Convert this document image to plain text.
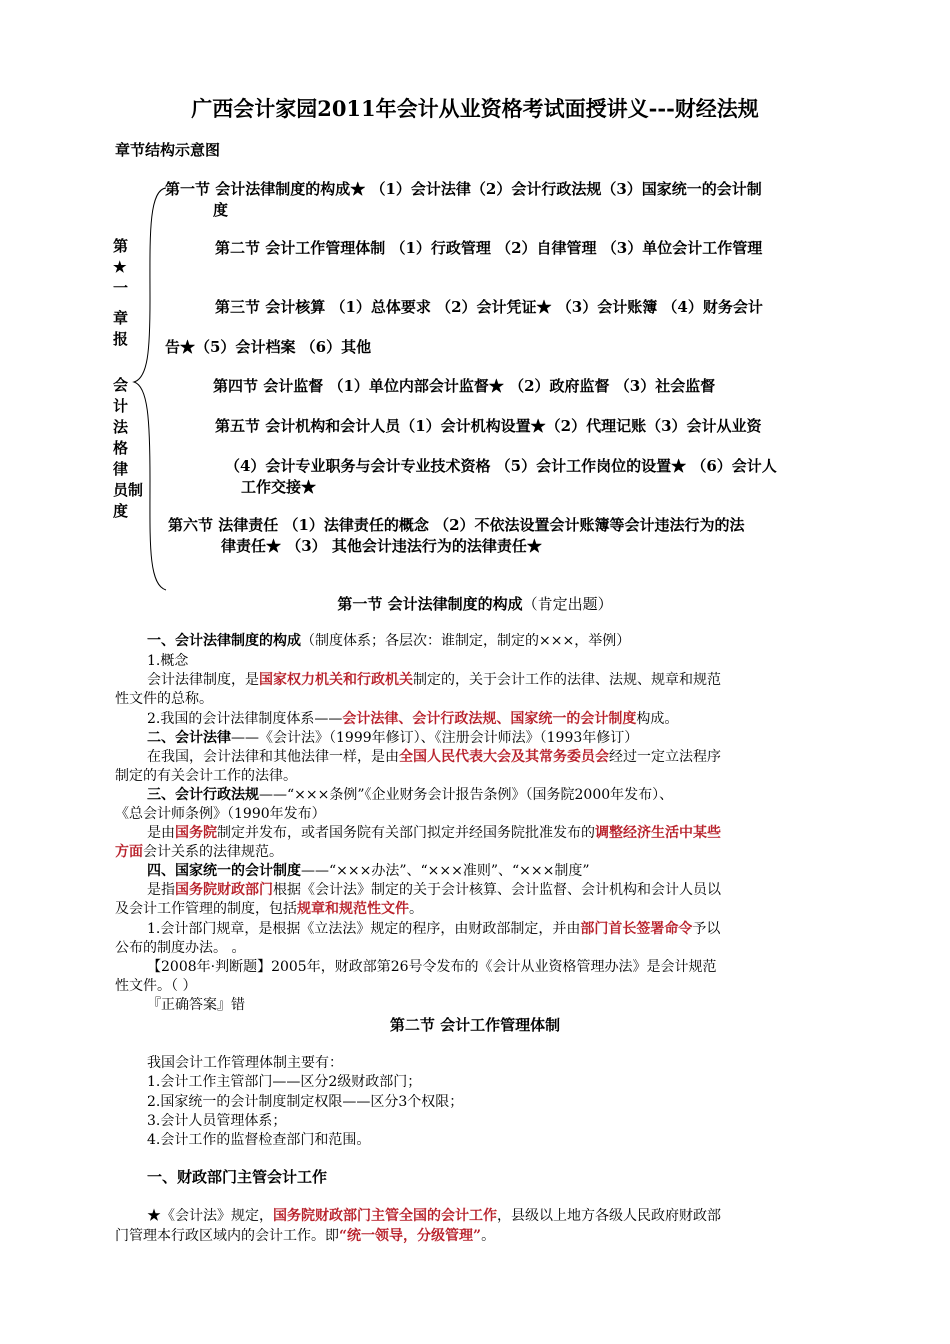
广西会计家园2011年会计从业资格考试面授讲义---财经法规
章节结构示意图
第
★
一
章
报
会
计
法
格
律
员制
度
第一节 会计法律制度的构成★ （1）会计法律（2）会计行政法规（3）国家统一的会计制
度
第二节 会计工作管理体制 （1）行政管理 （2）自律管理 （3）单位会计工作管理
第三节 会计核算 （1）总体要求 （2）会计凭证★ （3）会计账簿 （4）财务会计
告★（5）会计档案 （6）其他
第四节 会计监督 （1）单位内部会计监督★ （2）政府监督 （3）社会监督
第五节 会计机构和会计人员（1）会计机构设置★（2）代理记账（3）会计从业资
（4）会计专业职务与会计专业技术资格 （5）会计工作岗位的设置★ （6）会计人
工作交接★
第六节 法律责任 （1）法律责任的概念 （2）不依法设置会计账簿等会计违法行为的法
律责任★ （3） 其他会计违法行为的法律责任★
第一节 会计法律制度的构成（肯定出题）
一、会计法律制度的构成（制度体系；各层次：谁制定，制定的×××，举例）
1.概念
会计法律制度，是国家权力机关和行政机关制定的，关于会计工作的法律、法规、规章和规范
性文件的总称。
2.我国的会计法律制度体系——会计法律、会计行政法规、国家统一的会计制度构成。
二、会计法律——《会计法》（1999年修订）、《注册会计师法》（1993年修订）
在我国，会计法律和其他法律一样，是由全国人民代表大会及其常务委员会经过一定立法程序
制定的有关会计工作的法律。
三、会计行政法规——“×××条例”《企业财务会计报告条例》（国务院2000年发布）、
《总会计师条例》（1990年发布）
是由国务院制定并发布，或者国务院有关部门拟定并经国务院批准发布的调整经济生活中某些
方面会计关系的法律规范。
四、国家统一的会计制度——“×××办法”、“×××准则”、“×××制度”
是指国务院财政部门根据《会计法》制定的关于会计核算、会计监督、会计机构和会计人员以
及会计工作管理的制度，包括规章和规范性文件。
1.会计部门规章，是根据《立法法》规定的程序，由财政部制定，并由部门首长签署命令予以
公布的制度办法。 。
【2008年·判断题】2005年，财政部第26号令发布的《会计从业资格管理办法》是会计规范
性文件。（ ）
『正确答案』错
第二节 会计工作管理体制
我国会计工作管理体制主要有：
1.会计工作主管部门——区分2级财政部门；
2.国家统一的会计制度制定权限——区分3个权限；
3.会计人员管理体系；
4.会计工作的监督检查部门和范围。
一、财政部门主管会计工作
★《会计法》规定，国务院财政部门主管全国的会计工作，县级以上地方各级人民政府财政部
门管理本行政区域内的会计工作。即“统一领导，分级管理”。
